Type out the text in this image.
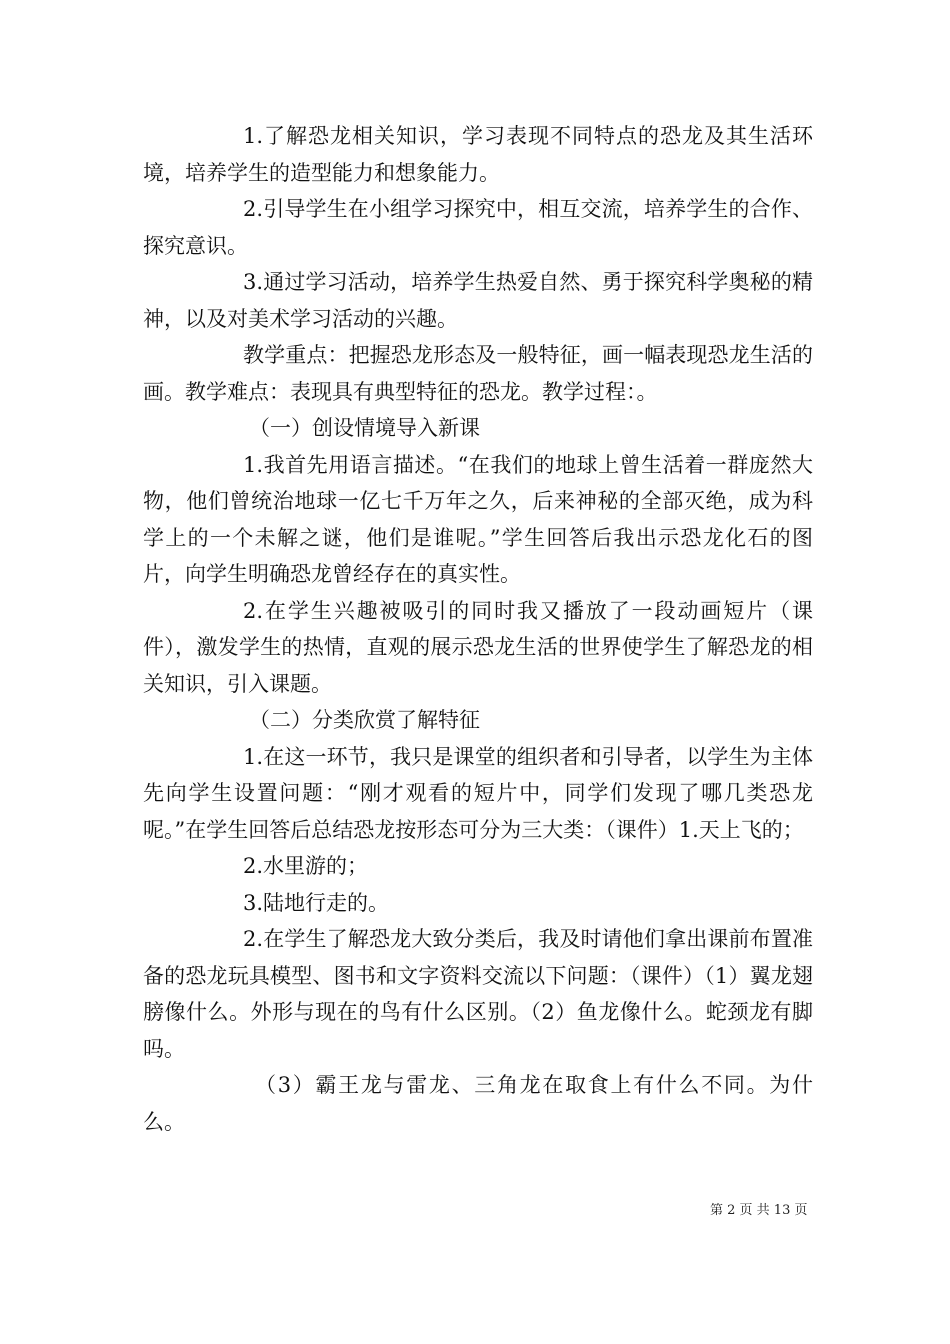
1.了解恐龙相关知识，学习表现不同特点的恐龙及其生活环境，培养学生的造型能力和想象能力。

2.引导学生在小组学习探究中，相互交流，培养学生的合作、探究意识。

3.通过学习活动，培养学生热爱自然、勇于探究科学奥秘的精神，以及对美术学习活动的兴趣。

教学重点：把握恐龙形态及一般特征，画一幅表现恐龙生活的画。教学难点：表现具有典型特征的恐龙。教学过程：。

（一）创设情境导入新课

1.我首先用语言描述。“在我们的地球上曾生活着一群庞然大物，他们曾统治地球一亿七千万年之久，后来神秘的全部灭绝，成为科学上的一个未解之谜，他们是谁呢。”学生回答后我出示恐龙化石的图片，向学生明确恐龙曾经存在的真实性。

2.在学生兴趣被吸引的同时我又播放了一段动画短片（课件），激发学生的热情，直观的展示恐龙生活的世界使学生了解恐龙的相关知识，引入课题。

（二）分类欣赏了解特征

1.在这一环节，我只是课堂的组织者和引导者，以学生为主体先向学生设置问题：“刚才观看的短片中，同学们发现了哪几类恐龙呢。”在学生回答后总结恐龙按形态可分为三大类：（课件）1.天上飞的；

2.水里游的；

3.陆地行走的。

2.在学生了解恐龙大致分类后，我及时请他们拿出课前布置准备的恐龙玩具模型、图书和文字资料交流以下问题：（课件）（1）翼龙翅膀像什么。外形与现在的鸟有什么区别。（2）鱼龙像什么。蛇颈龙有脚吗。

（3）霸王龙与雷龙、三角龙在取食上有什么不同。为什么。

第 2 页 共 13 页
